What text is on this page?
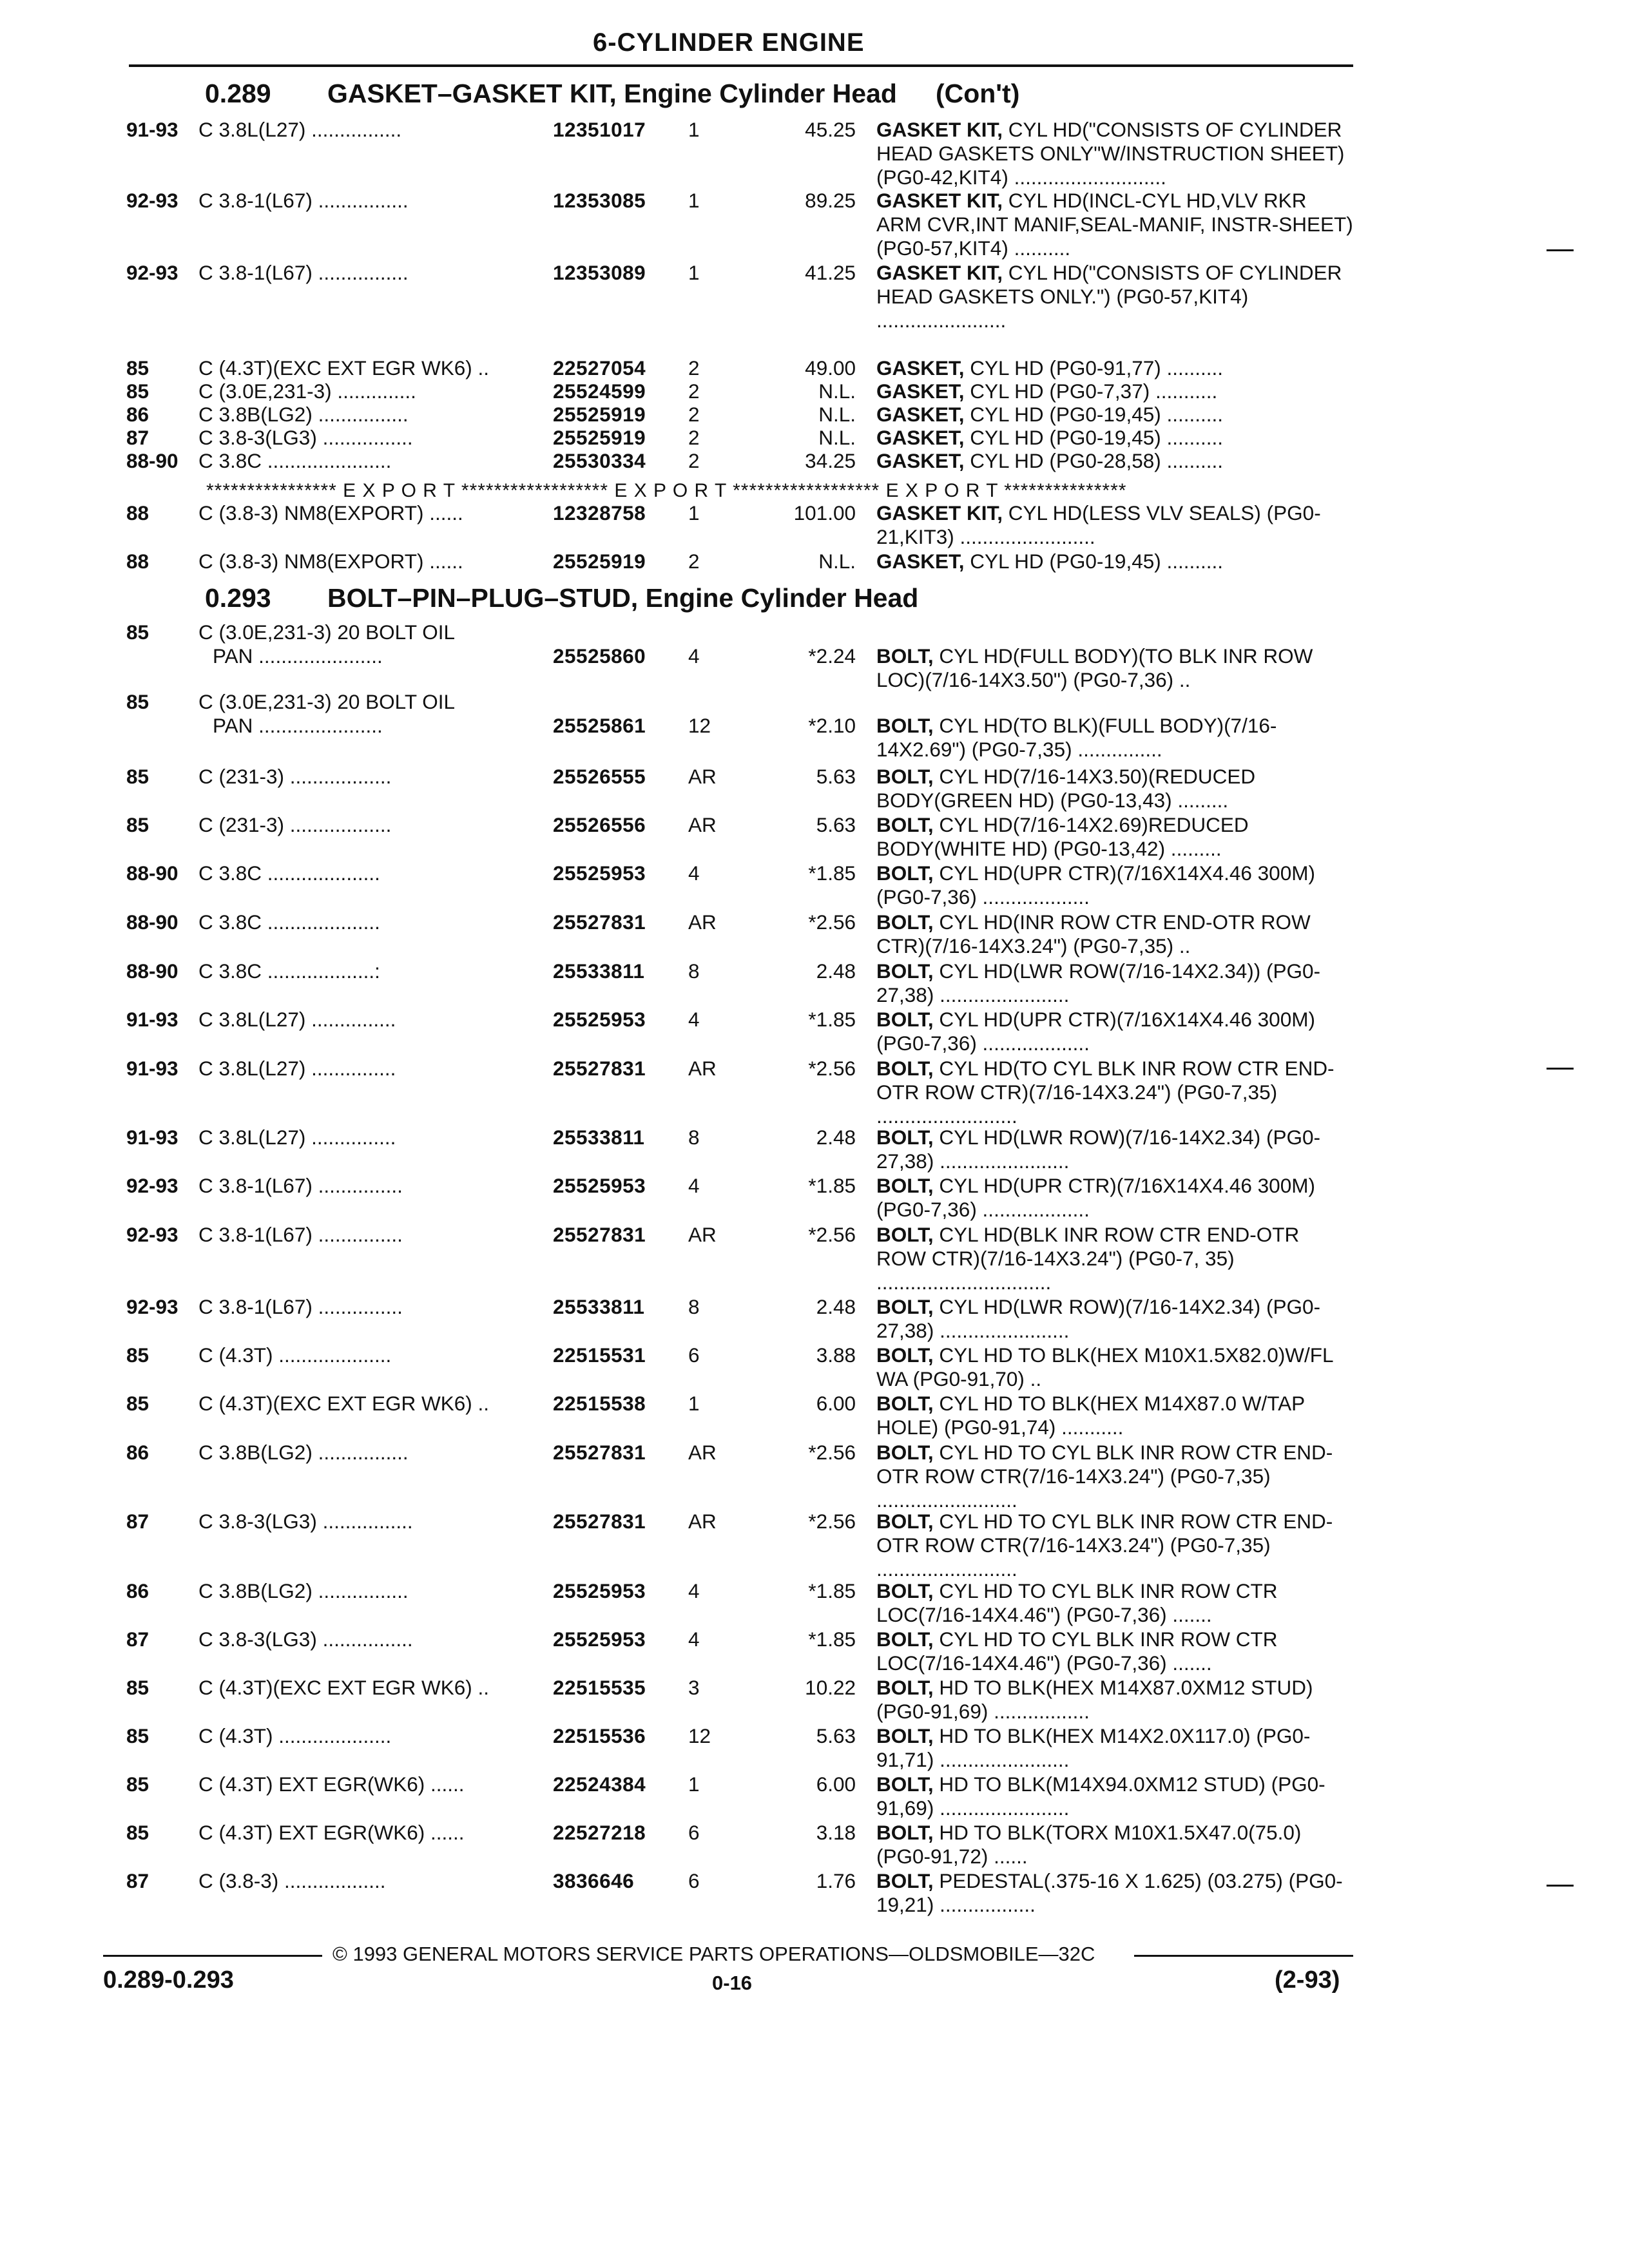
6-CYLINDER ENGINE
0.289 GASKET–GASKET KIT, Engine Cylinder Head (Con't)
**************** E X P O R T ****************** E X P O R T ****************** E X P O R T ***************
0.293 BOLT–PIN–PLUG–STUD, Engine Cylinder Head
91-93 C 3.8L(L27) ................	12351017 1	45.25 GASKET KIT, CYL HD("CONSISTS OF CYLINDER HEAD GASKETS ONLY"W/INSTRUCTION SHEET) (PG0-42,KIT4) ...........................
92-93 C 3.8-1(L67) ................	12353085 1	89.25 GASKET KIT, CYL HD(INCL-CYL HD,VLV RKR ARM CVR,INT MANIF,SEAL-MANIF, INSTR-SHEET) (PG0-57,KIT4) ..........
92-93 C 3.8-1(L67) ................	12353089 1	41.25 GASKET KIT, CYL HD("CONSISTS OF CYLINDER HEAD GASKETS ONLY.") (PG0-57,KIT4) .......................
85 C (4.3T)(EXC EXT EGR WK6) ..	22527054 2	49.00 GASKET, CYL HD (PG0-91,77) ..........
85 C (3.0E,231-3) ..............	25524599 2	N.L. GASKET, CYL HD (PG0-7,37) ...........
86 C 3.8B(LG2) ................	25525919 2	N.L. GASKET, CYL HD (PG0-19,45) ..........
87 C 3.8-3(LG3) ................	25525919 2	N.L. GASKET, CYL HD (PG0-19,45) ..........
88-90 C 3.8C ......................	25530334 2	34.25 GASKET, CYL HD (PG0-28,58) ..........
88 C (3.8-3) NM8(EXPORT) ......	12328758 1	101.00 GASKET KIT, CYL HD(LESS VLV SEALS) (PG0-21,KIT3) ........................
88 C (3.8-3) NM8(EXPORT) ......	25525919 2	N.L. GASKET, CYL HD (PG0-19,45) ..........
85 C (3.0E,231-3) 20 BOLT OIL
PAN ......................	25525860 4	*2.24 BOLT, CYL HD(FULL BODY)(TO BLK INR ROW LOC)(7/16-14X3.50") (PG0-7,36) ..
85 C (3.0E,231-3) 20 BOLT OIL
PAN ......................	25525861 12	*2.10 BOLT, CYL HD(TO BLK)(FULL BODY)(7/16-14X2.69") (PG0-7,35) ...............
85 C (231-3) ..................	25526555 AR	5.63 BOLT, CYL HD(7/16-14X3.50)(REDUCED BODY(GREEN HD) (PG0-13,43) .........
85 C (231-3) ..................	25526556 AR	5.63 BOLT, CYL HD(7/16-14X2.69)REDUCED BODY(WHITE HD) (PG0-13,42) .........
88-90 C 3.8C ....................	25525953 4	*1.85 BOLT, CYL HD(UPR CTR)(7/16X14X4.46 300M) (PG0-7,36) ...................
88-90 C 3.8C ....................	25527831 AR	*2.56 BOLT, CYL HD(INR ROW CTR END-OTR ROW CTR)(7/16-14X3.24") (PG0-7,35) ..
88-90 C 3.8C ...................:	25533811 8	2.48 BOLT, CYL HD(LWR ROW(7/16-14X2.34)) (PG0-27,38) .......................
91-93 C 3.8L(L27) ...............	25525953 4	*1.85 BOLT, CYL HD(UPR CTR)(7/16X14X4.46 300M) (PG0-7,36) ...................
91-93 C 3.8L(L27) ...............	25527831 AR	*2.56 BOLT, CYL HD(TO CYL BLK INR ROW CTR END-OTR ROW CTR)(7/16-14X3.24") (PG0-7,35) .........................
91-93 C 3.8L(L27) ...............	25533811 8	2.48 BOLT, CYL HD(LWR ROW)(7/16-14X2.34) (PG0-27,38) .......................
92-93 C 3.8-1(L67) ...............	25525953 4	*1.85 BOLT, CYL HD(UPR CTR)(7/16X14X4.46 300M) (PG0-7,36) ...................
92-93 C 3.8-1(L67) ...............	25527831 AR	*2.56 BOLT, CYL HD(BLK INR ROW CTR END-OTR ROW CTR)(7/16-14X3.24") (PG0-7, 35) ...............................
92-93 C 3.8-1(L67) ...............	25533811 8	2.48 BOLT, CYL HD(LWR ROW)(7/16-14X2.34) (PG0-27,38) .......................
85 C (4.3T) ....................	22515531 6	3.88 BOLT, CYL HD TO BLK(HEX M10X1.5X82.0)W/FL WA (PG0-91,70) ..
85 C (4.3T)(EXC EXT EGR WK6) ..	22515538 1	6.00 BOLT, CYL HD TO BLK(HEX M14X87.0 W/TAP HOLE) (PG0-91,74) ...........
86 C 3.8B(LG2) ................	25527831 AR	*2.56 BOLT, CYL HD TO CYL BLK INR ROW CTR END-OTR ROW CTR(7/16-14X3.24") (PG0-7,35) .........................
87 C 3.8-3(LG3) ................	25527831 AR	*2.56 BOLT, CYL HD TO CYL BLK INR ROW CTR END-OTR ROW CTR(7/16-14X3.24") (PG0-7,35) .........................
86 C 3.8B(LG2) ................	25525953 4	*1.85 BOLT, CYL HD TO CYL BLK INR ROW CTR LOC(7/16-14X4.46") (PG0-7,36) .......
87 C 3.8-3(LG3) ................	25525953 4	*1.85 BOLT, CYL HD TO CYL BLK INR ROW CTR LOC(7/16-14X4.46") (PG0-7,36) .......
85 C (4.3T)(EXC EXT EGR WK6) ..	22515535 3	10.22 BOLT, HD TO BLK(HEX M14X87.0XM12 STUD) (PG0-91,69) .................
85 C (4.3T) ....................	22515536 12	5.63 BOLT, HD TO BLK(HEX M14X2.0X117.0) (PG0-91,71) .......................
85 C (4.3T) EXT EGR(WK6) ......	22524384 1	6.00 BOLT, HD TO BLK(M14X94.0XM12 STUD) (PG0-91,69) .......................
85 C (4.3T) EXT EGR(WK6) ......	22527218 6	3.18 BOLT, HD TO BLK(TORX M10X1.5X47.0(75.0) (PG0-91,72) ......
87 C (3.8-3) ..................	3836646	6	1.76 BOLT, PEDESTAL(.375-16 X 1.625) (03.275) (PG0-19,21) .................
© 1993 GENERAL MOTORS SERVICE PARTS OPERATIONS—OLDSMOBILE—32C
0.289-0.293	0-16	(2-93)
